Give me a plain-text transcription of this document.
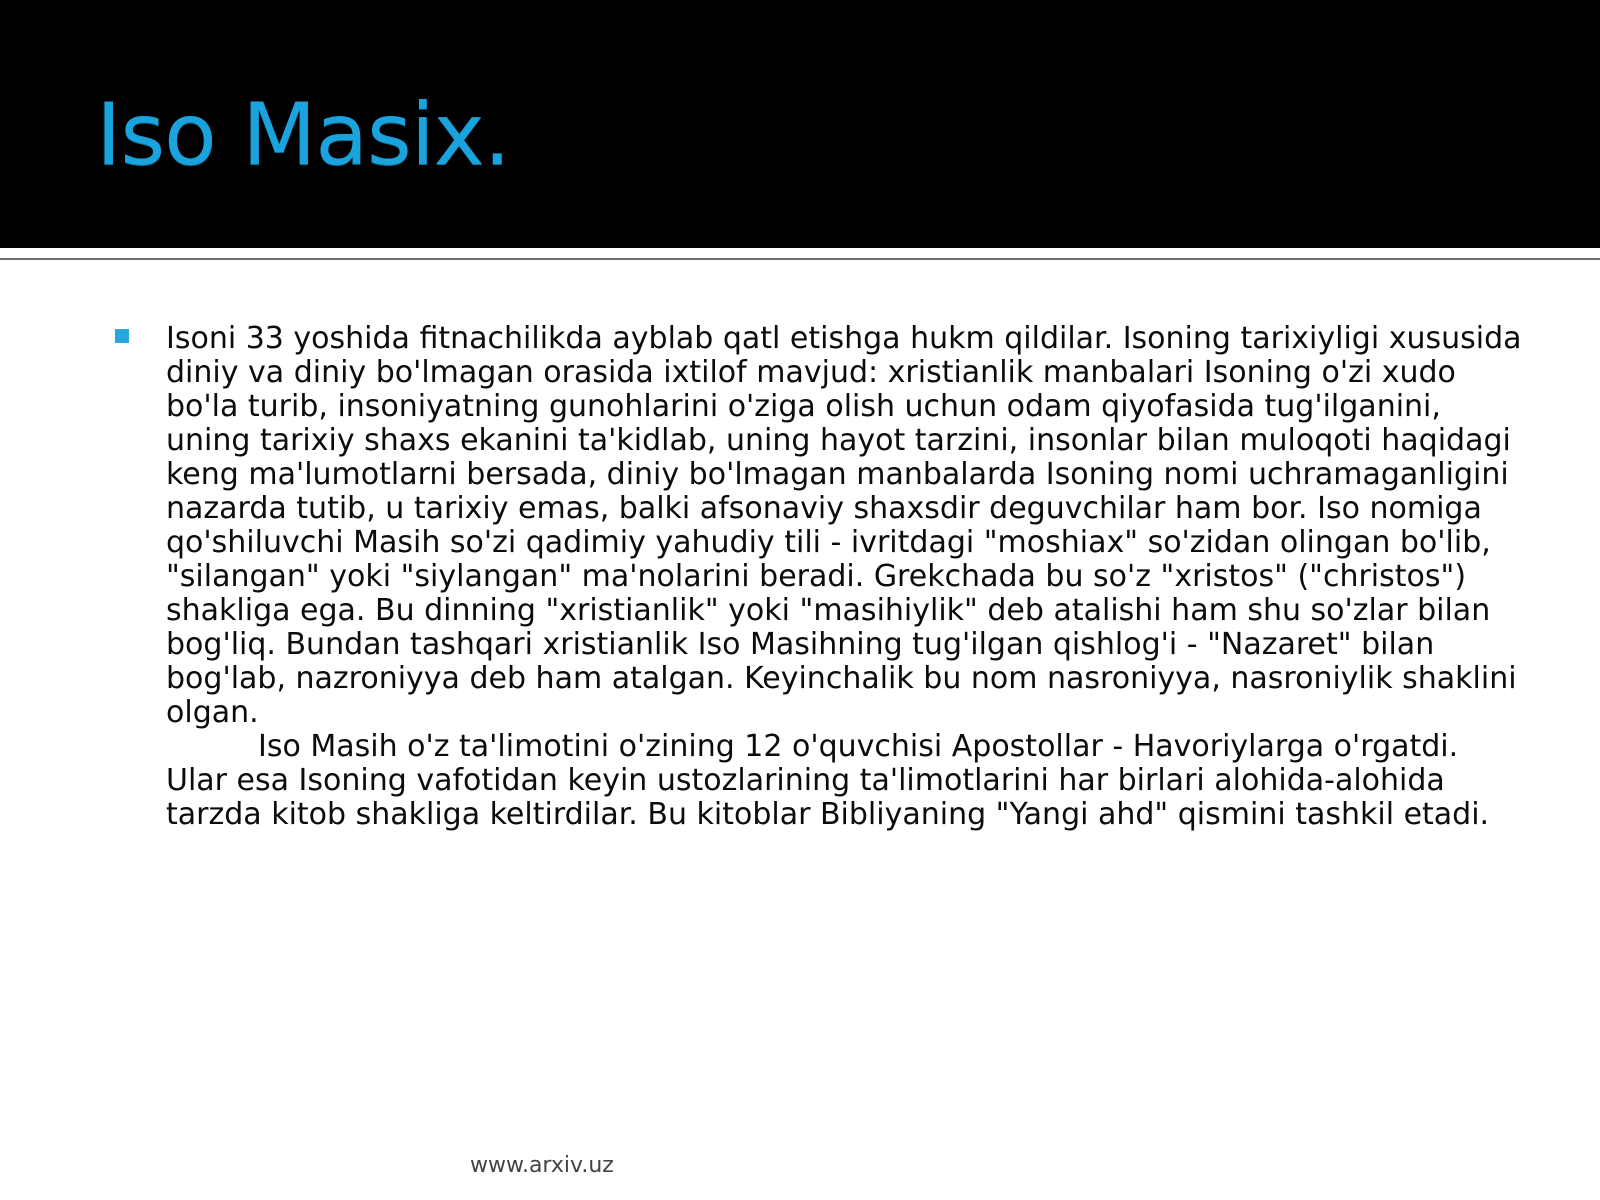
Iso Masix.

Isoni 33 yoshida fitnachilikda ayblab qatl etishga hukm qildilar. Isoning tarixiyligi xususida diniy va diniy bo'lmagan orasida ixtilof mavjud: xristianlik manbalari Isoning o'zi xudo bo'la turib, insoniyatning gunohlarini o'ziga olish uchun odam qiyofasida tug'ilganini, uning tarixiy shaxs ekanini ta'kidlab, uning hayot tarzini, insonlar bilan muloqoti haqidagi keng ma'lumotlarni bersada, diniy bo'lmagan manbalarda Isoning nomi uchramaganligini nazarda tutib, u tarixiy emas, balki afsonaviy shaxsdir deguvchilar ham bor. Iso nomiga qo'shiluvchi Masih so'zi qadimiy yahudiy tili - ivritdagi "moshiax" so'zidan olingan bo'lib, "silangan" yoki "siylangan" ma'nolarini beradi. Grekchada bu so'z "xristos" ("christos") shakliga ega. Bu dinning "xristianlik" yoki "masihiylik" deb atalishi ham shu so'zlar bilan bog'liq. Bundan tashqari xristianlik Iso Masihning tug'ilgan qishlog'i - "Nazaret" bilan bog'lab, nazroniyya deb ham atalgan. Keyinchalik bu nom nasroniyya, nasroniylik shaklini olgan.

Iso Masih o'z ta'limotini o'zining 12 o'quvchisi Apostollar - Havoriylarga o'rgatdi. Ular esa Isoning vafotidan keyin ustozlarining ta'limotlarini har birlari alohida-alohida tarzda kitob shakliga keltirdilar. Bu kitoblar Bibliyaning "Yangi ahd" qismini tashkil etadi.

www.arxiv.uz
